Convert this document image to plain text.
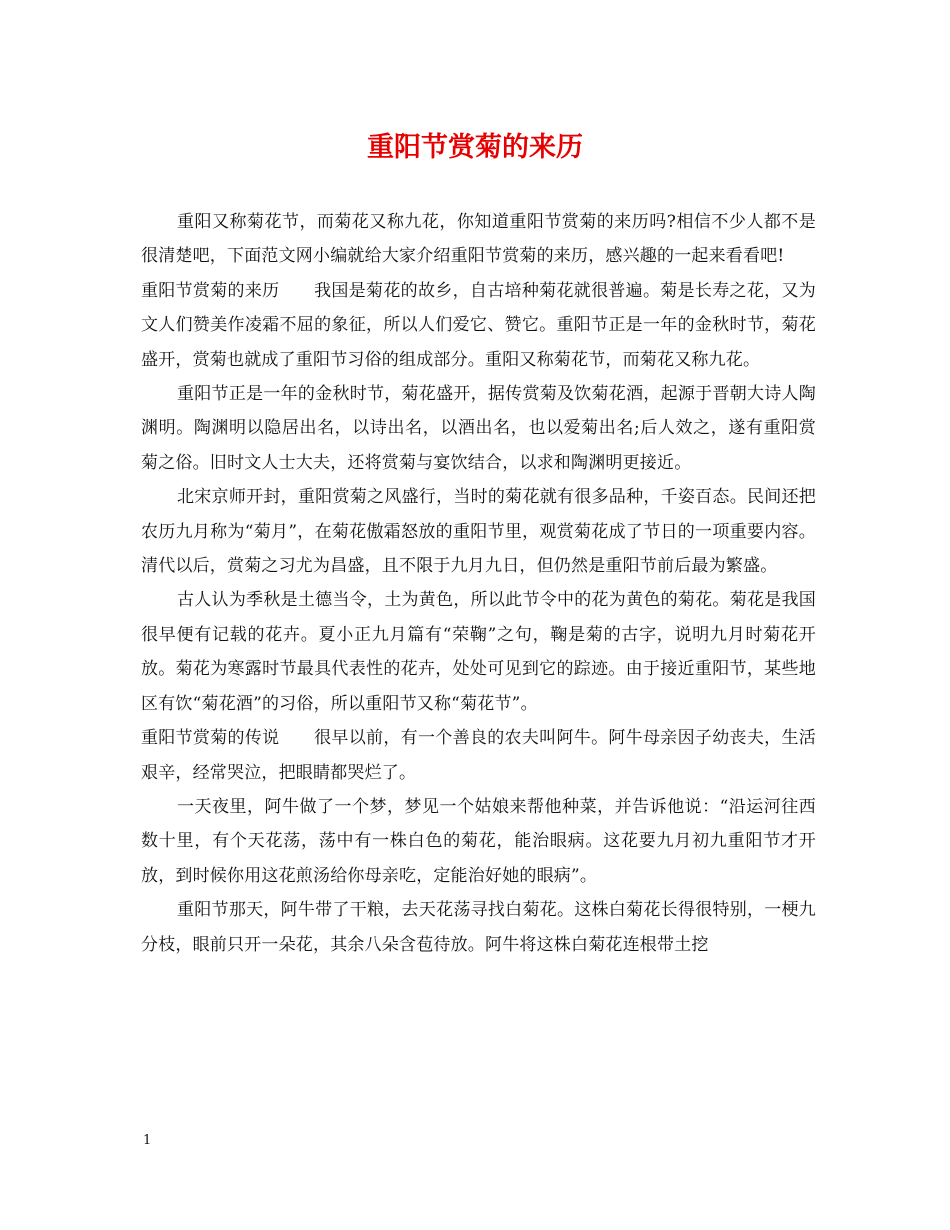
重阳节赏菊的来历

重阳又称菊花节，而菊花又称九花，你知道重阳节赏菊的来历吗?相信不少人都不是很清楚吧，下面范文网小编就给大家介绍重阳节赏菊的来历，感兴趣的一起来看看吧!

重阳节赏菊的来历　　我国是菊花的故乡，自古培种菊花就很普遍。菊是长寿之花，又为文人们赞美作凌霜不屈的象征，所以人们爱它、赞它。重阳节正是一年的金秋时节，菊花盛开，赏菊也就成了重阳节习俗的组成部分。重阳又称菊花节，而菊花又称九花。

重阳节正是一年的金秋时节，菊花盛开，据传赏菊及饮菊花酒，起源于晋朝大诗人陶渊明。陶渊明以隐居出名，以诗出名，以酒出名，也以爱菊出名;后人效之，遂有重阳赏菊之俗。旧时文人士大夫，还将赏菊与宴饮结合，以求和陶渊明更接近。

北宋京师开封，重阳赏菊之风盛行，当时的菊花就有很多品种，千姿百态。民间还把农历九月称为“菊月”，在菊花傲霜怒放的重阳节里，观赏菊花成了节日的一项重要内容。清代以后，赏菊之习尤为昌盛，且不限于九月九日，但仍然是重阳节前后最为繁盛。

古人认为季秋是土德当令，土为黄色，所以此节令中的花为黄色的菊花。菊花是我国很早便有记载的花卉。夏小正九月篇有“荣鞠”之句，鞠是菊的古字，说明九月时菊花开放。菊花为寒露时节最具代表性的花卉，处处可见到它的踪迹。由于接近重阳节，某些地区有饮“菊花酒”的习俗，所以重阳节又称“菊花节”。

重阳节赏菊的传说　　很早以前，有一个善良的农夫叫阿牛。阿牛母亲因子幼丧夫，生活艰辛，经常哭泣，把眼睛都哭烂了。

一天夜里，阿牛做了一个梦，梦见一个姑娘来帮他种菜，并告诉他说：“沿运河往西数十里，有个天花荡，荡中有一株白色的菊花，能治眼病。这花要九月初九重阳节才开放，到时候你用这花煎汤给你母亲吃，定能治好她的眼病”。

重阳节那天，阿牛带了干粮，去天花荡寻找白菊花。这株白菊花长得很特别，一梗九分枝，眼前只开一朵花，其余八朵含苞待放。阿牛将这株白菊花连根带土挖

1
